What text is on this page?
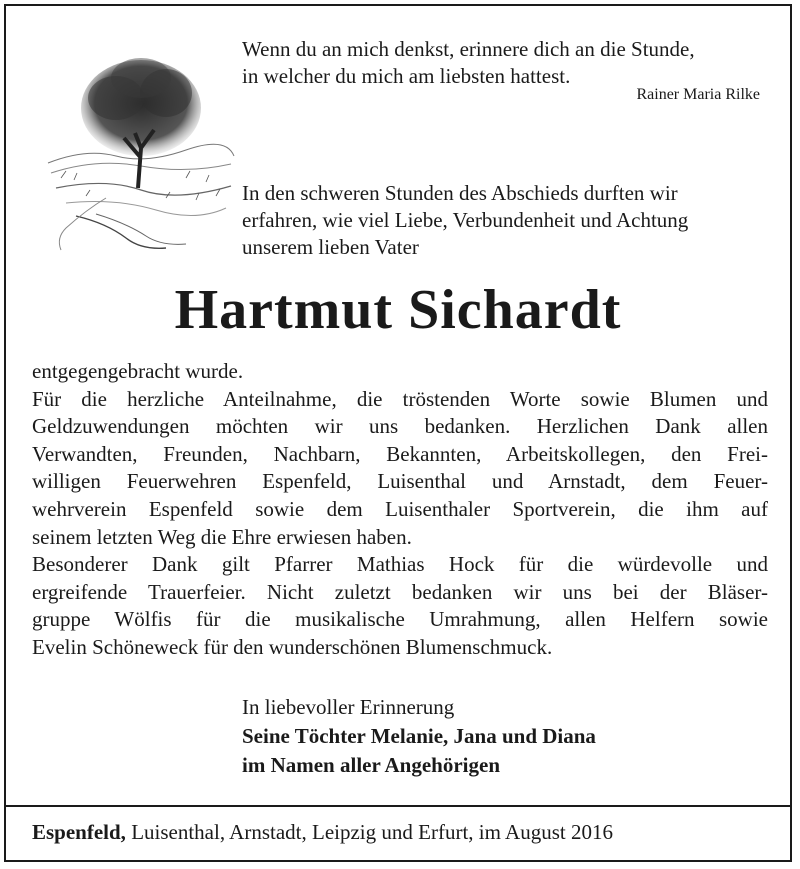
Wenn du an mich denkst, erinnere dich an die Stunde,
in welcher du mich am liebsten hattest.
Rainer Maria Rilke
In den schweren Stunden des Abschieds durften wir
erfahren, wie viel Liebe, Verbundenheit und Achtung
unserem lieben Vater
Hartmut Sichardt
entgegengebracht wurde.
Für die herzliche Anteilnahme, die tröstenden Worte sowie Blumen und
Geldzuwendungen möchten wir uns bedanken. Herzlichen Dank allen
Verwandten, Freunden, Nachbarn, Bekannten, Arbeitskollegen, den Frei-
willigen Feuerwehren Espenfeld, Luisenthal und Arnstadt, dem Feuer-
wehrverein Espenfeld sowie dem Luisenthaler Sportverein, die ihm auf
seinem letzten Weg die Ehre erwiesen haben.
Besonderer Dank gilt Pfarrer Mathias Hock für die würdevolle und
ergreifende Trauerfeier. Nicht zuletzt bedanken wir uns bei der Bläser-
gruppe Wölfis für die musikalische Umrahmung, allen Helfern sowie
Evelin Schöneweck für den wunderschönen Blumenschmuck.
In liebevoller Erinnerung
Seine Töchter Melanie, Jana und Diana
im Namen aller Angehörigen
Espenfeld, Luisenthal, Arnstadt, Leipzig und Erfurt, im August 2016
